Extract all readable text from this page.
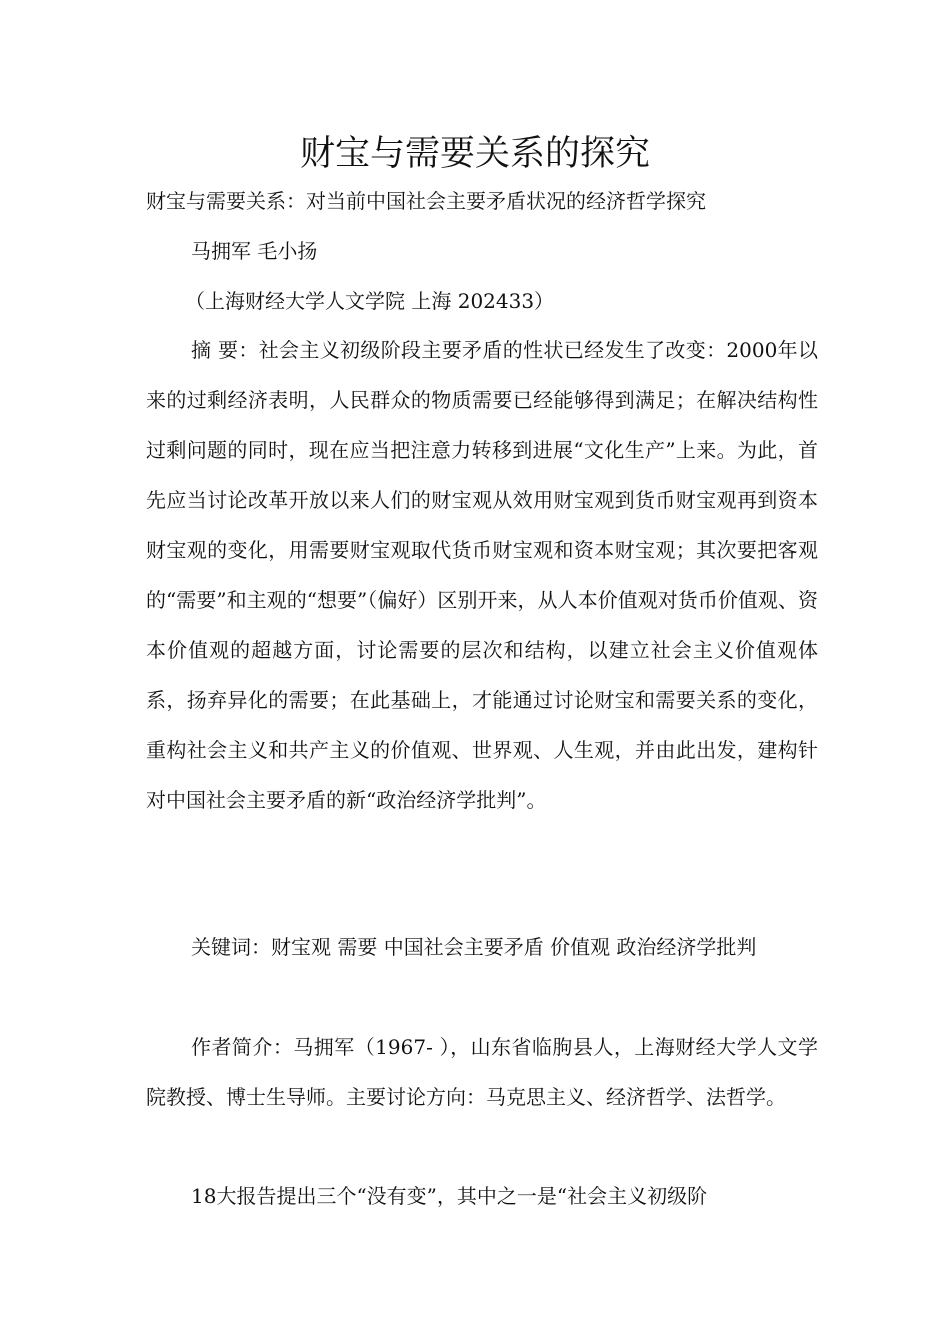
财宝与需要关系的探究
财宝与需要关系：对当前中国社会主要矛盾状况的经济哲学探究
马拥军 毛小扬
（上海财经大学人文学院 上海 202433）

摘 要：社会主义初级阶段主要矛盾的性状已经发生了改变：2000年以来的过剩经济表明，人民群众的物质需要已经能够得到满足；在解决结构性过剩问题的同时，现在应当把注意力转移到进展“文化生产”上来。为此，首先应当讨论改革开放以来人们的财宝观从效用财宝观到货币财宝观再到资本财宝观的变化，用需要财宝观取代货币财宝观和资本财宝观；其次要把客观的“需要”和主观的“想要”（偏好）区别开来，从人本价值观对货币价值观、资本价值观的超越方面，讨论需要的层次和结构，以建立社会主义价值观体系，扬弃异化的需要；在此基础上，才能通过讨论财宝和需要关系的变化，重构社会主义和共产主义的价值观、世界观、人生观，并由此出发，建构针对中国社会主要矛盾的新“政治经济学批判”。

关键词：财宝观 需要 中国社会主要矛盾 价值观 政治经济学批判

作者简介：马拥军（1967- ），山东省临朐县人，上海财经大学人文学院教授、博士生导师。主要讨论方向：马克思主义、经济哲学、法哲学。

18大报告提出三个“没有变”，其中之一是“社会主义初级阶
